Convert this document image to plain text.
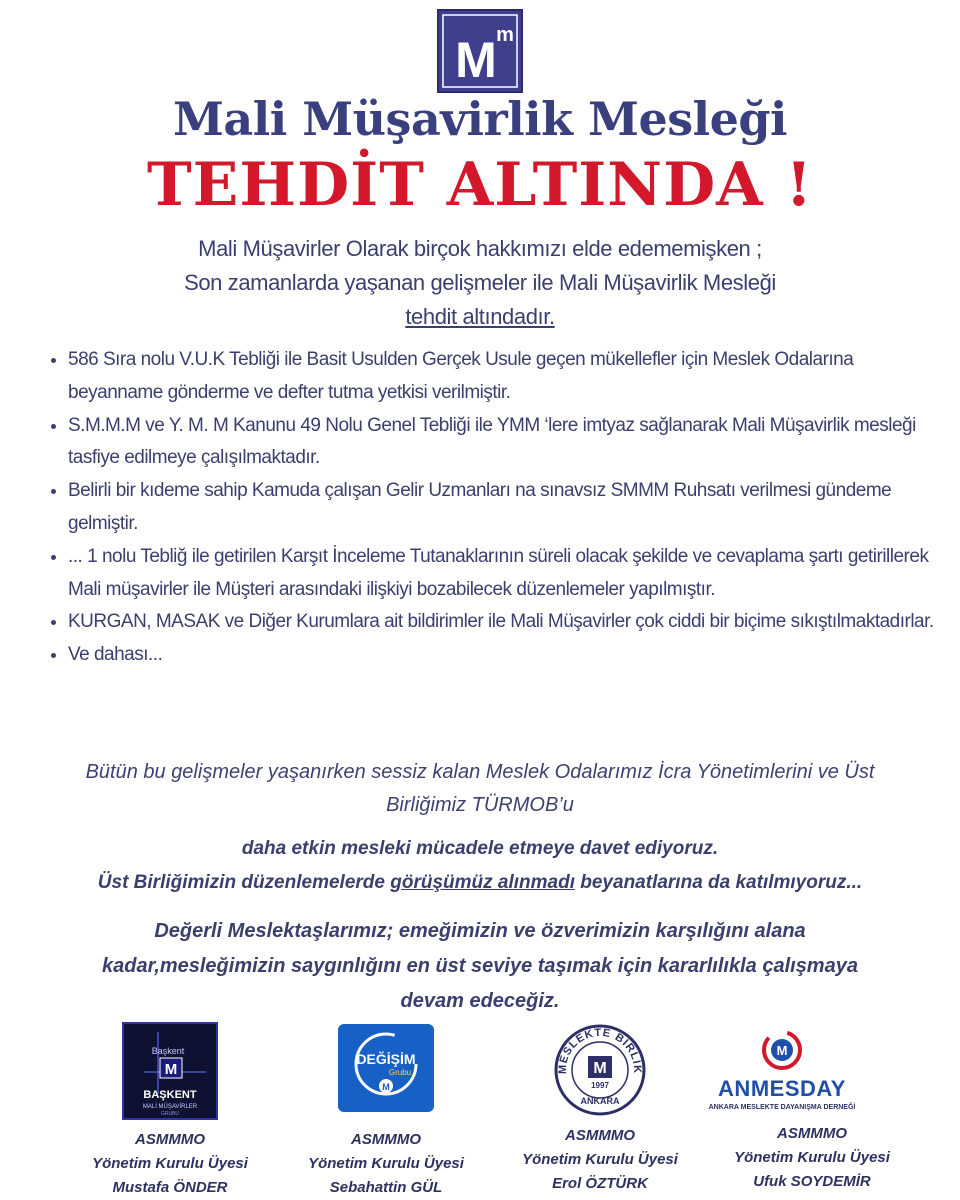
M m
Mali Müşavirlik Mesleği
TEHDİT ALTINDA !
Mali Müşavirler Olarak birçok hakkımızı elde edememişken ;
Son zamanlarda yaşanan gelişmeler ile Mali Müşavirlik Mesleği
tehdit altındadır.
• 586 Sıra nolu V.U.K Tebliği ile Basit Usulden Gerçek Usule geçen mükellefler için Meslek Odalarına beyanname gönderme ve defter tutma yetkisi verilmiştir.
• S.M.M.M ve Y. M. M Kanunu 49 Nolu Genel Tebliği ile YMM ‘lere imtyaz sağlanarak Mali Müşavirlik mesleği tasfiye edilmeye çalışılmaktadır.
• Belirli bir kıdeme sahip Kamuda çalışan Gelir Uzmanları na sınavsız SMMM Ruhsatı verilmesi gündeme gelmiştir.
• ... 1 nolu Tebliğ ile getirilen Karşıt İnceleme Tutanaklarının süreli olacak şekilde ve cevaplama şartı getirillerek Mali müşavirler ile Müşteri arasındaki ilişkiyi bozabilecek düzenlemeler yapılmıştır.
• KURGAN, MASAK ve Diğer Kurumlara ait bildirimler ile Mali Müşavirler çok ciddi bir biçime sıkıştılmaktadırlar.
• Ve dahası...
Bütün bu gelişmeler yaşanırken sessiz kalan Meslek Odalarımız İcra Yönetimlerini ve Üst
Birliğimiz TÜRMOB’u
daha etkin mesleki mücadele etmeye davet ediyoruz.
Üst Birliğimizin düzenlemelerde görüşümüz alınmadı beyanatlarına da katılmıyoruz...
Değerli Meslektaşlarımız; emeğimizin ve özverimizin karşılığını alana
kadar,mesleğimizin saygınlığını en üst seviye taşımak için kararlılıkla çalışmaya
devam edeceğiz.
Başkent
M
BAŞKENT
MALİ MÜŞAVİRLER
GRUBU
ASMMMO
Yönetim Kurulu Üyesi
Mustafa ÖNDER
DEĞİŞİM
Grubu
M
ASMMMO
Yönetim Kurulu Üyesi
Sebahattin GÜL
MESLEKTE BİRLİK
M
1997
ANKARA
ASMMMO
Yönetim Kurulu Üyesi
Erol ÖZTÜRK
M
ANMESDAY
ANKARA MESLEKTE DAYANIŞMA DERNEĞİ
ASMMMO
Yönetim Kurulu Üyesi
Ufuk SOYDEMİR
